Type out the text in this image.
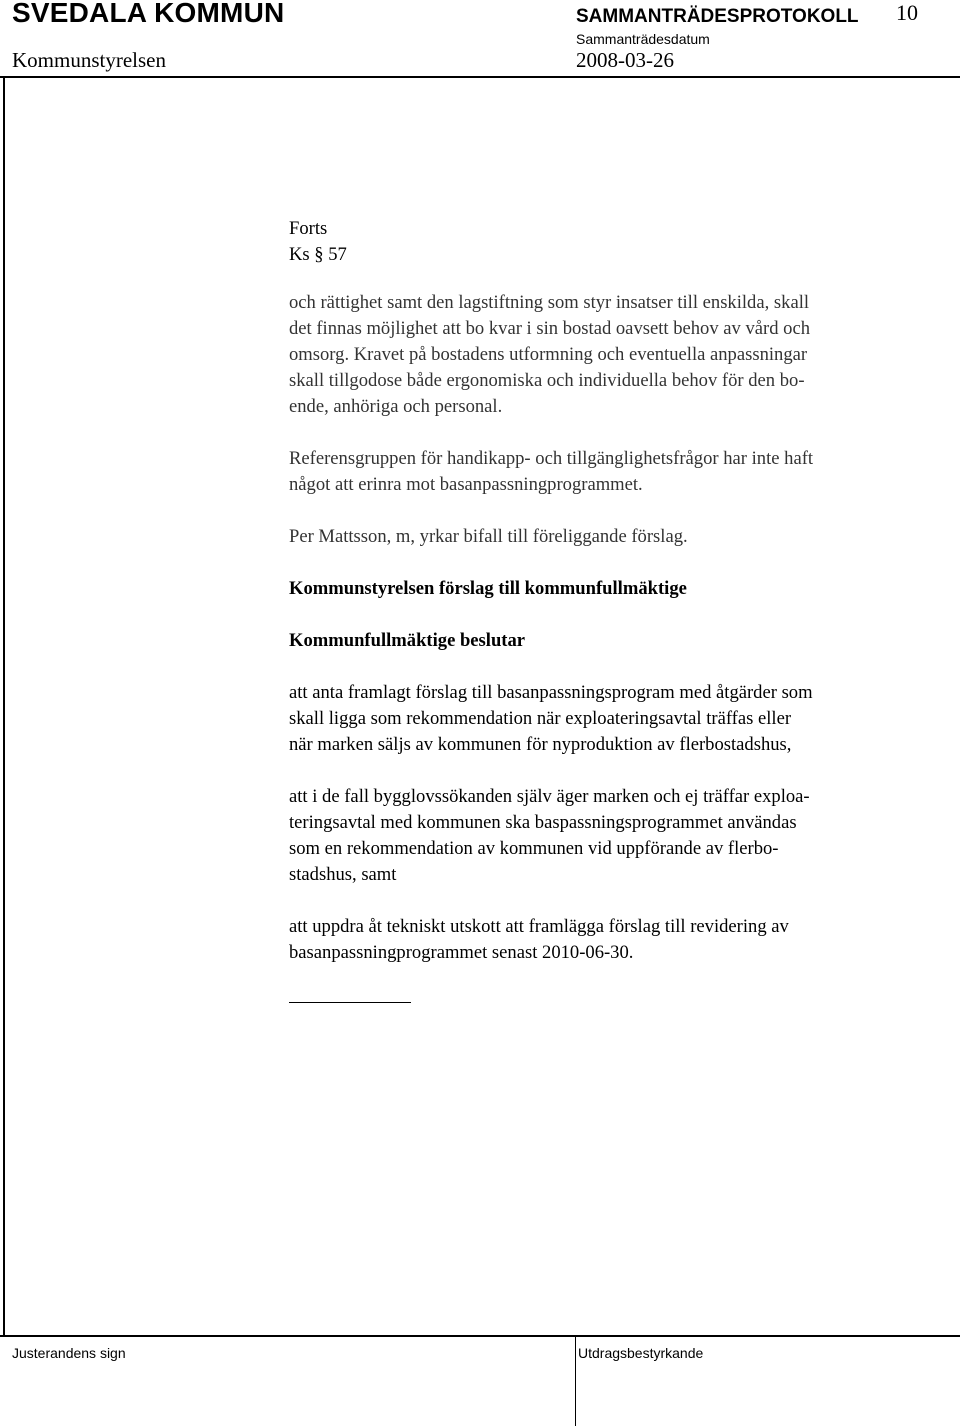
SVEDALA KOMMUN	SAMMANTRÄDESPROTOKOLL 10
Kommunstyrelsen
Sammanträdesdatum
2008-03-26

Forts

Ks § 57

och rättighet samt den lagstiftning som styr insatser till enskilda, skall

det finnas möjlighet att bo kvar i sin bostad oavsett behov av vård och

omsorg. Kravet på bostadens utformning och eventuella anpassningar

skall tillgodose både ergonomiska och individuella behov för den bo-

ende, anhöriga och personal.

Referensgruppen för handikapp- och tillgänglighetsfrågor har inte haft

något att erinra mot basanpassningprogrammet.

Per Mattsson, m, yrkar bifall till föreliggande förslag.

Kommunstyrelsen förslag till kommunfullmäktige

Kommunfullmäktige beslutar

att anta framlagt förslag till basanpassningsprogram med åtgärder som

skall ligga som rekommendation när exploateringsavtal träffas eller

när marken säljs av kommunen för nyproduktion av flerbostadshus,

att i de fall bygglovssökanden själv äger marken och ej träffar exploa-

teringsavtal med kommunen ska baspassningsprogrammet användas

som en rekommendation av kommunen vid uppförande av flerbo-

stadshus, samt

att uppdra åt tekniskt utskott att framlägga förslag till revidering av

basanpassningprogrammet senast 2010-06-30.

Justerandens sign	Utdragsbestyrkande
